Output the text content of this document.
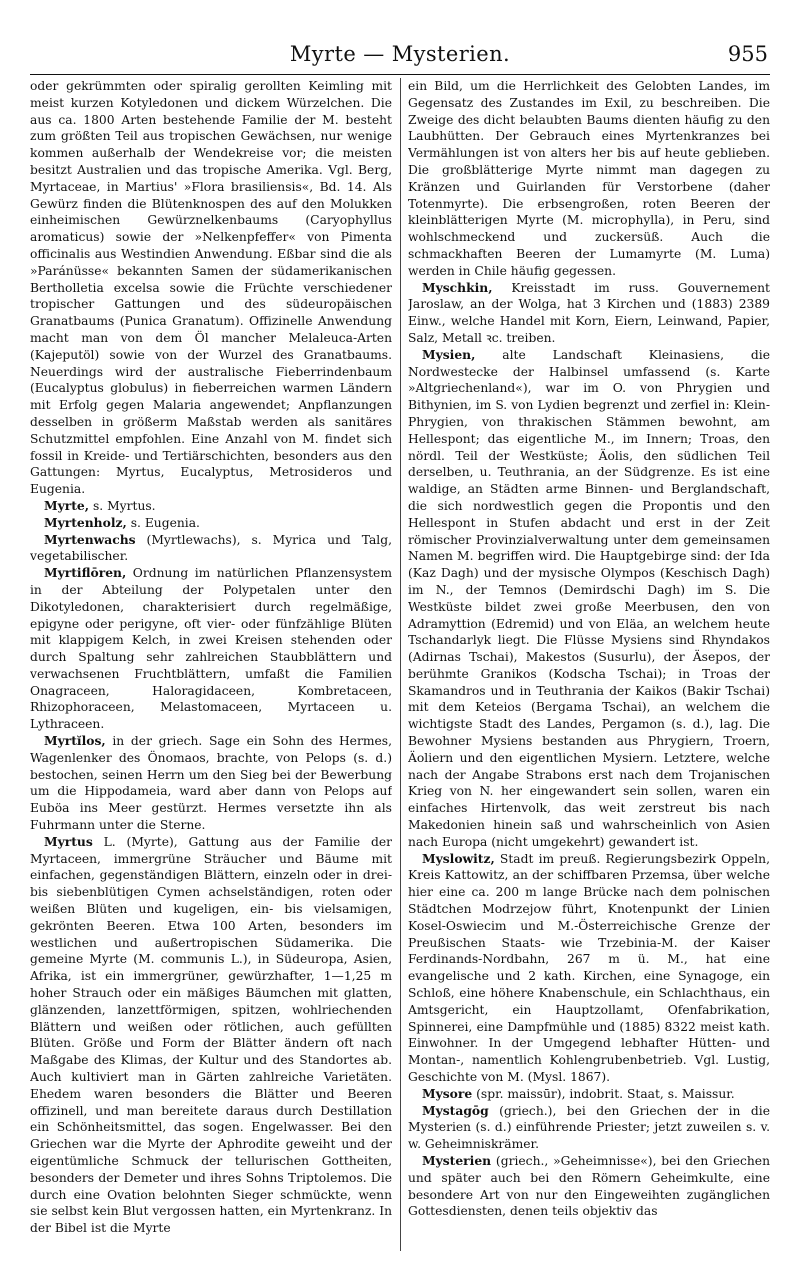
Myrte — Mysterien.	955

oder gekrümmten oder spiralig gerollten Keimling mit meist kurzen Kotyledonen und dickem Würzelchen. Die aus ca. 1800 Arten bestehende Familie der M. besteht zum größten Teil aus tropischen Gewächsen, nur wenige kommen außerhalb der Wendekreise vor; die meisten besitzt Australien und das tropische Amerika. Vgl. Berg, Myrtaceae, in Martius' »Flora brasiliensis«, Bd. 14. Als Gewürz finden die Blütenknospen des auf den Molukken einheimischen Gewürznelkenbaums (Caryophyllus aromaticus) sowie der »Nelkenpfeffer« von Pimenta officinalis aus Westindien Anwendung. Eßbar sind die als »Paránüsse« bekannten Samen der südamerikanischen Bertholletia excelsa sowie die Früchte verschiedener tropischer Gattungen und des südeuropäischen Granatbaums (Punica Granatum). Offizinelle Anwendung macht man von dem Öl mancher Melaleuca-Arten (Kajeputöl) sowie von der Wurzel des Granatbaums. Neuerdings wird der australische Fieberrindenbaum (Eucalyptus globulus) in fieberreichen warmen Ländern mit Erfolg gegen Malaria angewendet; Anpflanzungen desselben in größerm Maßstab werden als sanitäres Schutzmittel empfohlen. Eine Anzahl von M. findet sich fossil in Kreide- und Tertiärschichten, besonders aus den Gattungen: Myrtus, Eucalyptus, Metrosideros und Eugenia.

Myrte, s. Myrtus.

Myrtenholz, s. Eugenia.

Myrtenwachs (Myrtlewachs), s. Myrica und Talg, vegetabilischer.

Myrtiflōren, Ordnung im natürlichen Pflanzensystem in der Abteilung der Polypetalen unter den Dikotyledonen, charakterisiert durch regelmäßige, epigyne oder perigyne, oft vier- oder fünfzählige Blüten mit klappigem Kelch, in zwei Kreisen stehenden oder durch Spaltung sehr zahlreichen Staubblättern und verwachsenen Fruchtblättern, umfaßt die Familien Onagraceen, Haloragidaceen, Kombretaceen, Rhizophoraceen, Melastomaceen, Myrtaceen u. Lythraceen.

Myrtĭlos, in der griech. Sage ein Sohn des Hermes, Wagenlenker des Önomaos, brachte, von Pelops (s. d.) bestochen, seinen Herrn um den Sieg bei der Bewerbung um die Hippodameia, ward aber dann von Pelops auf Euböa ins Meer gestürzt. Hermes versetzte ihn als Fuhrmann unter die Sterne.

Myrtus L. (Myrte), Gattung aus der Familie der Myrtaceen, immergrüne Sträucher und Bäume mit einfachen, gegenständigen Blättern, einzeln oder in drei- bis siebenblütigen Cymen achselständigen, roten oder weißen Blüten und kugeligen, ein- bis vielsamigen, gekrönten Beeren. Etwa 100 Arten, besonders im westlichen und außertropischen Südamerika. Die gemeine Myrte (M. communis L.), in Südeuropa, Asien, Afrika, ist ein immergrüner, gewürzhafter, 1—1,25 m hoher Strauch oder ein mäßiges Bäumchen mit glatten, glänzenden, lanzettförmigen, spitzen, wohlriechenden Blättern und weißen oder rötlichen, auch gefüllten Blüten. Größe und Form der Blätter ändern oft nach Maßgabe des Klimas, der Kultur und des Standortes ab. Auch kultiviert man in Gärten zahlreiche Varietäten. Ehedem waren besonders die Blätter und Beeren offizinell, und man bereitete daraus durch Destillation ein Schönheitsmittel, das sogen. Engelwasser. Bei den Griechen war die Myrte der Aphrodite geweiht und der eigentümliche Schmuck der tellurischen Gottheiten, besonders der Demeter und ihres Sohns Triptolemos. Die durch eine Ovation belohnten Sieger schmückte, wenn sie selbst kein Blut vergossen hatten, ein Myrtenkranz. In der Bibel ist die Myrte

ein Bild, um die Herrlichkeit des Gelobten Landes, im Gegensatz des Zustandes im Exil, zu beschreiben. Die Zweige des dicht belaubten Baums dienten häufig zu den Laubhütten. Der Gebrauch eines Myrtenkranzes bei Vermählungen ist von alters her bis auf heute geblieben. Die großblätterige Myrte nimmt man dagegen zu Kränzen und Guirlanden für Verstorbene (daher Totenmyrte). Die erbsengroßen, roten Beeren der kleinblätterigen Myrte (M. microphylla), in Peru, sind wohlschmeckend und zuckersüß. Auch die schmackhaften Beeren der Lumamyrte (M. Luma) werden in Chile häufig gegessen.

Myschkin, Kreisstadt im russ. Gouvernement Jaroslaw, an der Wolga, hat 3 Kirchen und (1883) 2389 Einw., welche Handel mit Korn, Eiern, Leinwand, Papier, Salz, Metall ꝛc. treiben.

Mysien, alte Landschaft Kleinasiens, die Nordwestecke der Halbinsel umfassend (s. Karte »Altgriechenland«), war im O. von Phrygien und Bithynien, im S. von Lydien begrenzt und zerfiel in: Klein-Phrygien, von thrakischen Stämmen bewohnt, am Hellespont; das eigentliche M., im Innern; Troas, den nördl. Teil der Westküste; Äolis, den südlichen Teil derselben, u. Teuthrania, an der Südgrenze. Es ist eine waldige, an Städten arme Binnen- und Berglandschaft, die sich nordwestlich gegen die Propontis und den Hellespont in Stufen abdacht und erst in der Zeit römischer Provinzialverwaltung unter dem gemeinsamen Namen M. begriffen wird. Die Hauptgebirge sind: der Ida (Kaz Dagh) und der mysische Olympos (Keschisch Dagh) im N., der Temnos (Demirdschi Dagh) im S. Die Westküste bildet zwei große Meerbusen, den von Adramyttion (Edremid) und von Eläa, an welchem heute Tschandarlyk liegt. Die Flüsse Mysiens sind Rhyndakos (Adirnas Tschai), Makestos (Susurlu), der Äsepos, der berühmte Granikos (Kodscha Tschai); in Troas der Skamandros und in Teuthrania der Kaikos (Bakir Tschai) mit dem Keteios (Bergama Tschai), an welchem die wichtigste Stadt des Landes, Pergamon (s. d.), lag. Die Bewohner Mysiens bestanden aus Phrygiern, Troern, Äoliern und den eigentlichen Mysiern. Letztere, welche nach der Angabe Strabons erst nach dem Trojanischen Krieg von N. her eingewandert sein sollen, waren ein einfaches Hirtenvolk, das weit zerstreut bis nach Makedonien hinein saß und wahrscheinlich von Asien nach Europa (nicht umgekehrt) gewandert ist.

Myslowitz, Stadt im preuß. Regierungsbezirk Oppeln, Kreis Kattowitz, an der schiffbaren Przemsa, über welche hier eine ca. 200 m lange Brücke nach dem polnischen Städtchen Modrzejow führt, Knotenpunkt der Linien Kosel-Oswiecim und M.-Österreichische Grenze der Preußischen Staats- wie Trzebinia-M. der Kaiser Ferdinands-Nordbahn, 267 m ü. M., hat eine evangelische und 2 kath. Kirchen, eine Synagoge, ein Schloß, eine höhere Knabenschule, ein Schlachthaus, ein Amtsgericht, ein Hauptzollamt, Ofenfabrikation, Spinnerei, eine Dampfmühle und (1885) 8322 meist kath. Einwohner. In der Umgegend lebhafter Hütten- und Montan-, namentlich Kohlengrubenbetrieb. Vgl. Lustig, Geschichte von M. (Mysl. 1867).

Mysore (spr. maissūr), indobrit. Staat, s. Maissur.

Mystagōg (griech.), bei den Griechen der in die Mysterien (s. d.) einführende Priester; jetzt zuweilen s. v. w. Geheimniskrämer.

Mysterien (griech., »Geheimnisse«), bei den Griechen und später auch bei den Römern Geheimkulte, eine besondere Art von nur den Eingeweihten zugänglichen Gottesdiensten, denen teils objektiv das
